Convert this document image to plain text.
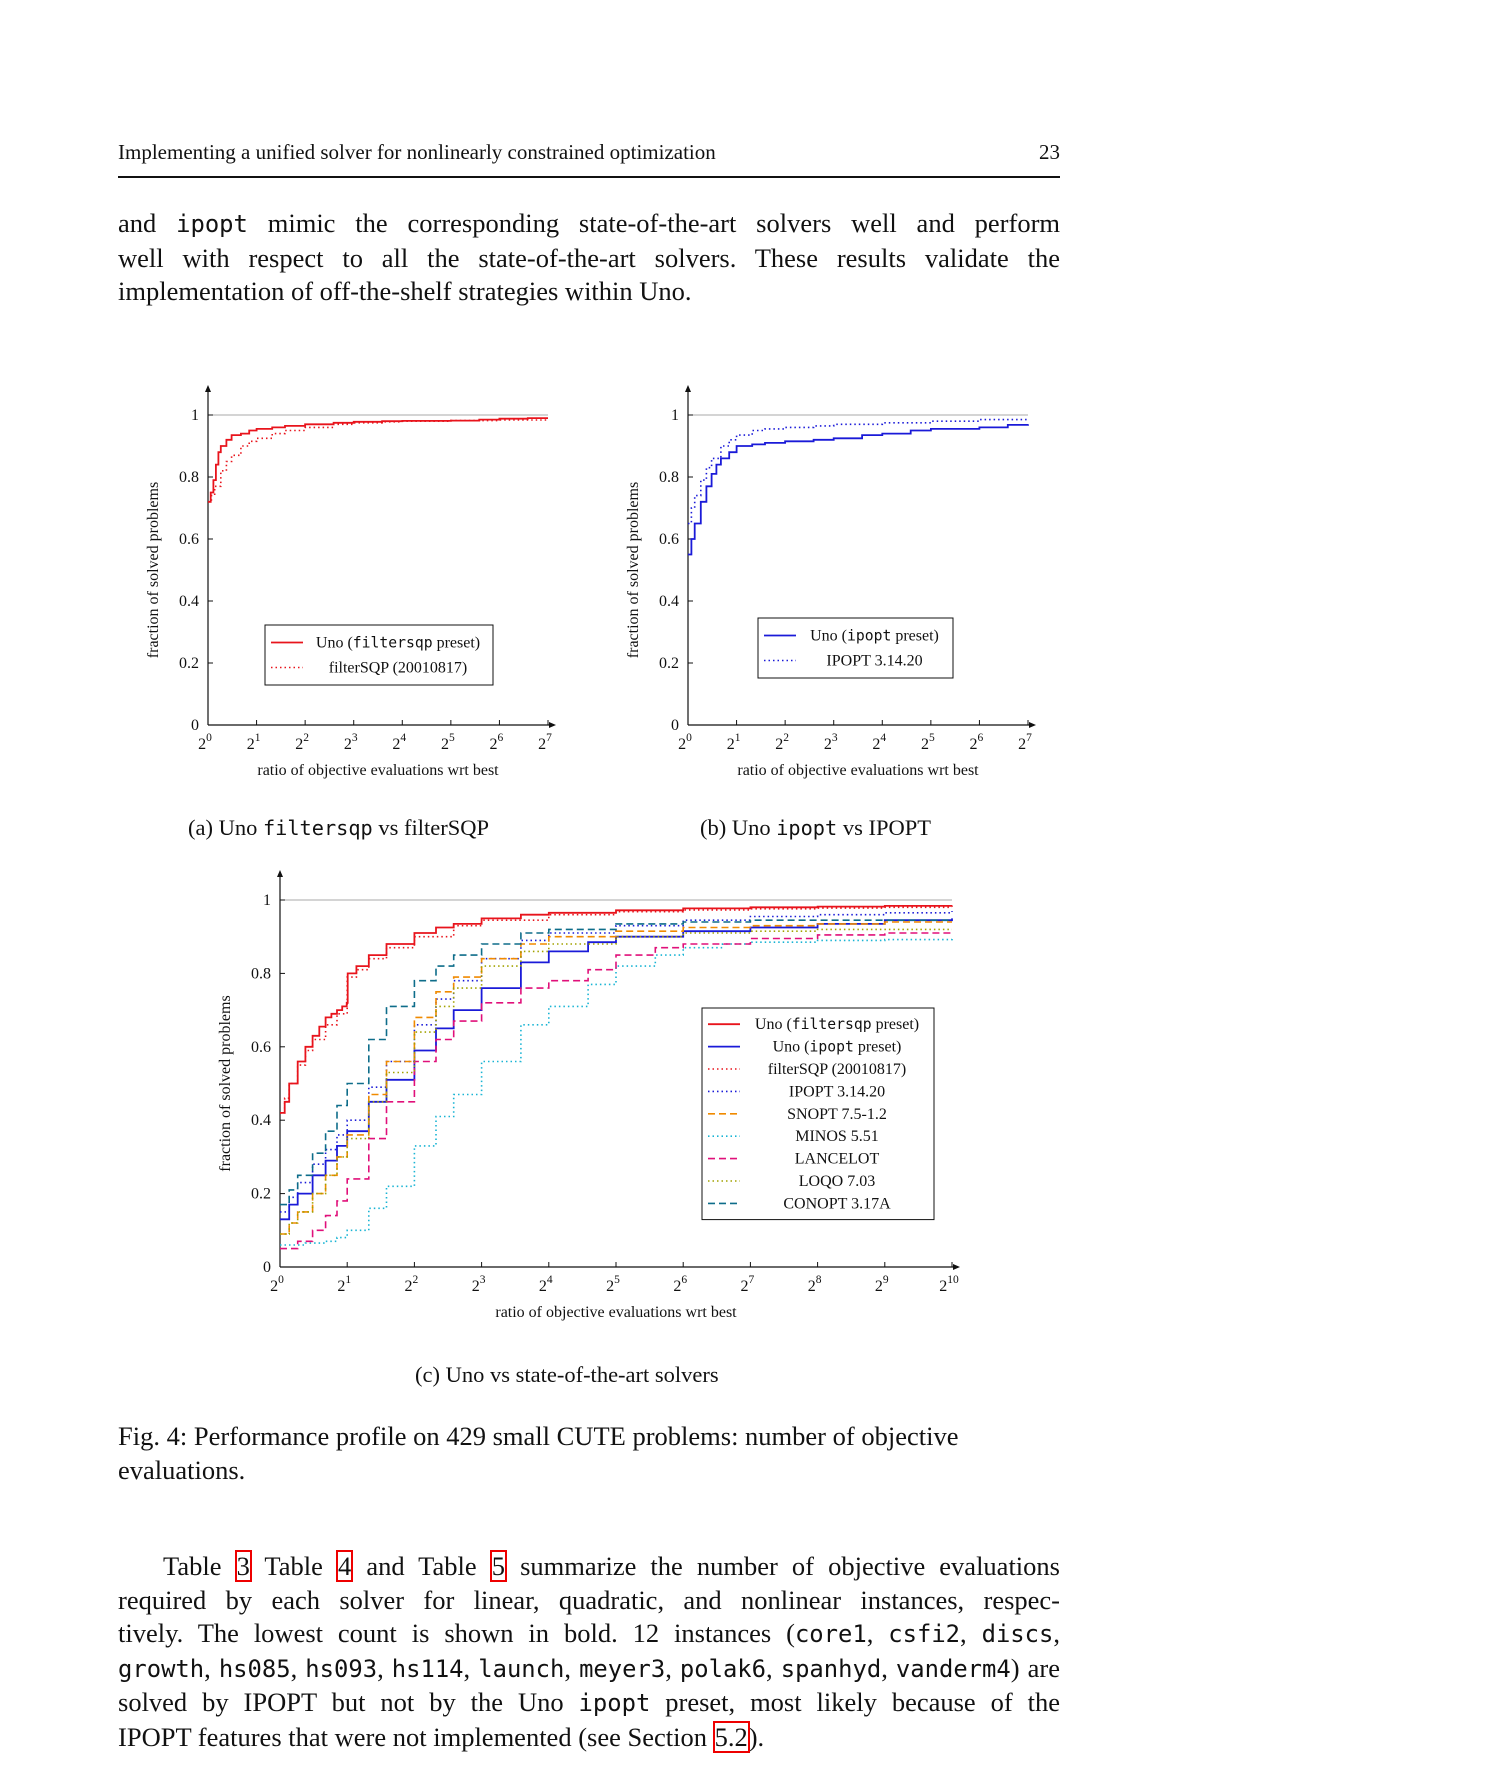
Implementing a unified solver for nonlinearly constrained optimization	23
and ipopt mimic the corresponding state-of-the-art solvers well and perform
well with respect to all the state-of-the-art solvers. These results validate the
implementation of off-the-shelf strategies within Uno.
0
0.2
0.4
0.6
0.8
1
$2^0$ $2^1$ $2^2$ $2^3$ $2^4$ $2^5$ $2^6$ $2^7$
ratio of objective evaluations wrt best
fraction of solved problems	Uno (filtersqp preset)
filterSQP (20010817)
(a) Uno filtersqp vs filterSQP
0
0.2
0.4
0.6
0.8
1
$2^0$ $2^1$ $2^2$ $2^3$ $2^4$ $2^5$ $2^6$ $2^7$
ratio of objective evaluations wrt best
fraction of solved problems	Uno (ipopt preset)
IPOPT 3.14.20
(b) Uno ipopt vs IPOPT
0
0.2
0.4
0.6
0.8
1
$2^0$	$2^1$	$2^2$	$2^3$	$2^4$	$2^5$	$2^6$	$2^7$	$2^8$	$2^9$	$2^{10}$
ratio of objective evaluations wrt best
fraction of solved problems	Uno (filtersqp preset)
Uno (ipopt preset)
filterSQP (20010817)
IPOPT 3.14.20
SNOPT 7.5-1.2
MINOS 5.51
LANCELOT
LOQO 7.03
CONOPT 3.17A
(c) Uno vs state-of-the-art solvers
Fig. 4: Performance profile on 429 small CUTE problems: number of objective evaluations.
Table 3 Table 4 and Table 5 summarize the number of objective evaluations
required by each solver for linear, quadratic, and nonlinear instances, respec-
tively. The lowest count is shown in bold. 12 instances (core1, csfi2, discs,
growth, hs085, hs093, hs114, launch, meyer3, polak6, spanhyd, vanderm4) are
solved by IPOPT but not by the Uno ipopt preset, most likely because of the
IPOPT features that were not implemented (see Section 5.2).
